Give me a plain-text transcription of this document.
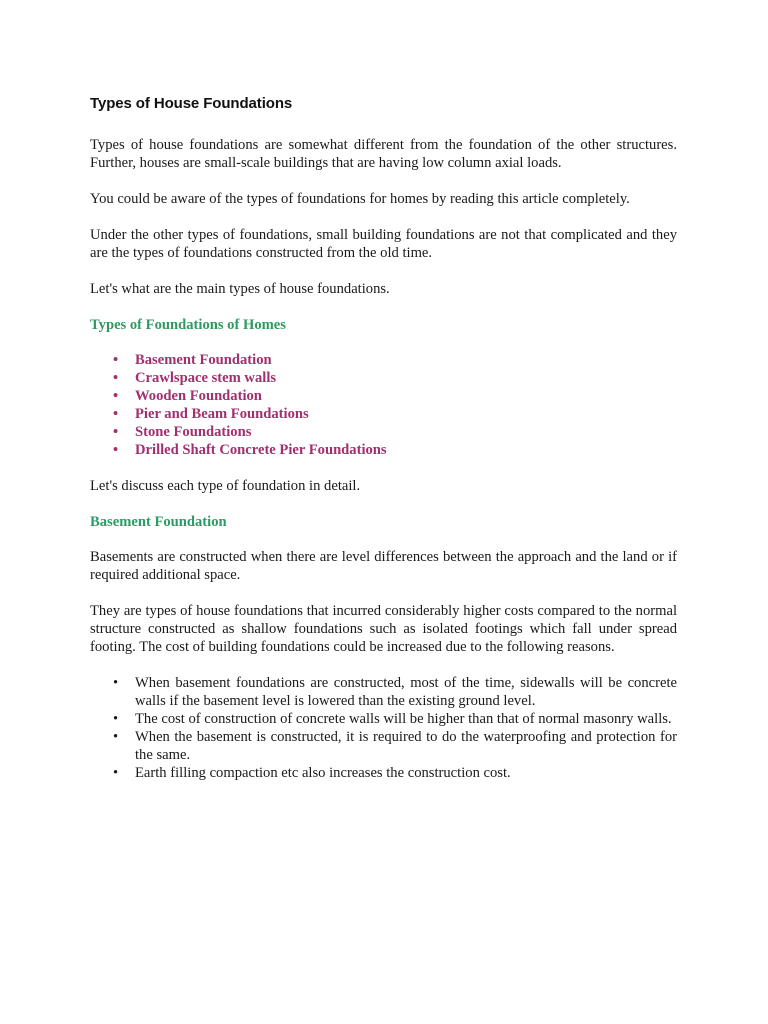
Types of House Foundations

Types of house foundations are somewhat different from the foundation of the other structures. Further, houses are small-scale buildings that are having low column axial loads.

You could be aware of the types of foundations for homes by reading this article completely.

Under the other types of foundations, small building foundations are not that complicated and they are the types of foundations constructed from the old time.

Let's what are the main types of house foundations.

Types of Foundations of Homes
• Basement Foundation
• Crawlspace stem walls
• Wooden Foundation
• Pier and Beam Foundations
• Stone Foundations
• Drilled Shaft Concrete Pier Foundations

Let's discuss each type of foundation in detail.

Basement Foundation

Basements are constructed when there are level differences between the approach and the land or if required additional space.

They are types of house foundations that incurred considerably higher costs compared to the normal structure constructed as shallow foundations such as isolated footings which fall under spread footing. The cost of building foundations could be increased due to the following reasons.

• When basement foundations are constructed, most of the time, sidewalls will be concrete walls if the basement level is lowered than the existing ground level.
• The cost of construction of concrete walls will be higher than that of normal masonry walls.
• When the basement is constructed, it is required to do the waterproofing and protection for the same.
• Earth filling compaction etc also increases the construction cost.
